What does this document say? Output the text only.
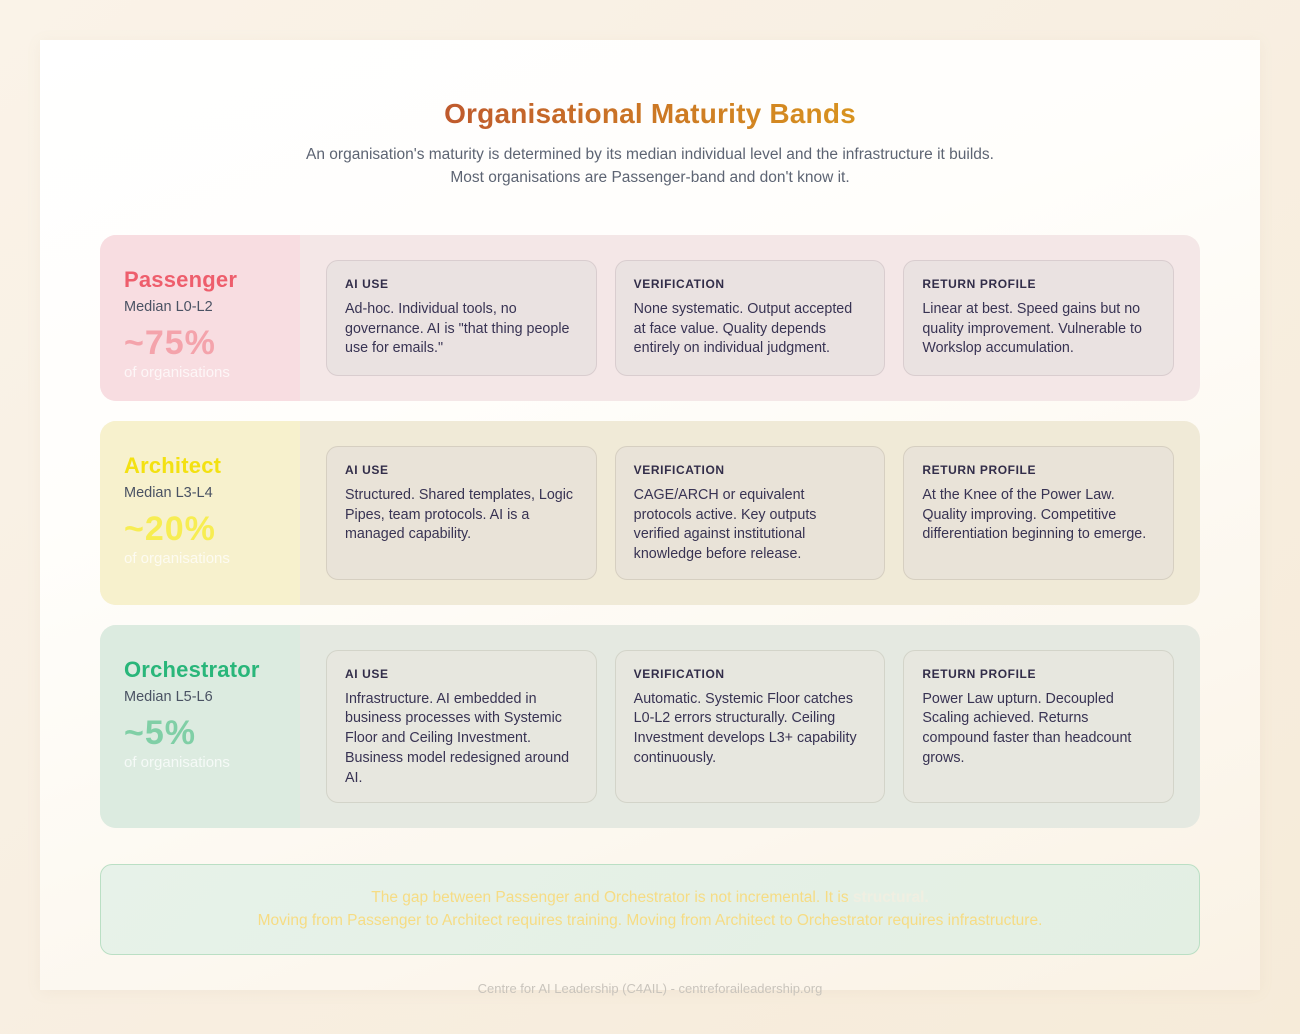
Organisational Maturity Bands

An organisation's maturity is determined by its median individual level and the infrastructure it builds. Most organisations are Passenger-band and don't know it.

Passenger
Median L0-L2
~75%
of organisations
AI USE

Ad-hoc. Individual tools, no governance. AI is "that thing people use for emails."

VERIFICATION

None systematic. Output accepted at face value. Quality depends entirely on individual judgment.

RETURN PROFILE

Linear at best. Speed gains but no quality improvement. Vulnerable to Workslop accumulation.

Architect
Median L3-L4
~20%
of organisations
AI USE

Structured. Shared templates, Logic Pipes, team protocols. AI is a managed capability.

VERIFICATION

CAGE/ARCH or equivalent protocols active. Key outputs verified against institutional knowledge before release.

RETURN PROFILE

At the Knee of the Power Law. Quality improving. Competitive differentiation beginning to emerge.

Orchestrator
Median L5-L6
~5%
of organisations
AI USE

Infrastructure. AI embedded in business processes with Systemic Floor and Ceiling Investment. Business model redesigned around AI.

VERIFICATION

Automatic. Systemic Floor catches L0-L2 errors structurally. Ceiling Investment develops L3+ capability continuously.

RETURN PROFILE

Power Law upturn. Decoupled Scaling achieved. Returns compound faster than headcount grows.

The gap between Passenger and Orchestrator is not incremental. It is structural.
Moving from Passenger to Architect requires training. Moving from Architect to Orchestrator requires infrastructure.
Centre for AI Leadership (C4AIL) - centreforaileadership.org
